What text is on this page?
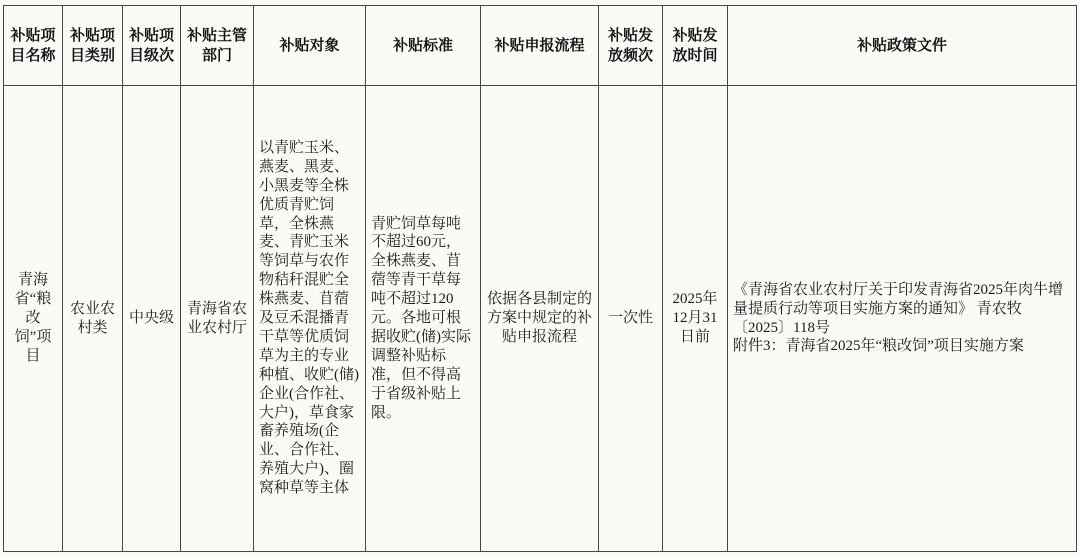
补贴项目名称	补贴项目类别	补贴项目级次	补贴主管部门	补贴对象	补贴标准	补贴申报流程	补贴发放频次	补贴发放时间	补贴政策文件
青海省“粮改饲”项目	农业农村类	中央级	青海省农业农村厅	以青贮玉米、燕麦、黑麦、小黑麦等全株优质青贮饲草，全株燕麦、青贮玉米等饲草与农作物秸秆混贮全株燕麦、苜蓿及豆禾混播青干草等优质饲草为主的专业种植、收贮(储)企业(合作社、大户)，草食家畜养殖场(企业、合作社、养殖大户)、圈窝种草等主体	青贮饲草每吨不超过60元，全株燕麦、苜蓿等青干草每吨不超过120元。各地可根据收贮(储)实际调整补贴标准，但不得高于省级补贴上限。	依据各县制定的方案中规定的补贴申报流程	一次性	2025年12月31日前	《青海省农业农村厅关于印发青海省2025年肉牛增量提质行动等项目实施方案的通知》 青农牧〔2025〕118号
附件3：青海省2025年“粮改饲”项目实施方案
